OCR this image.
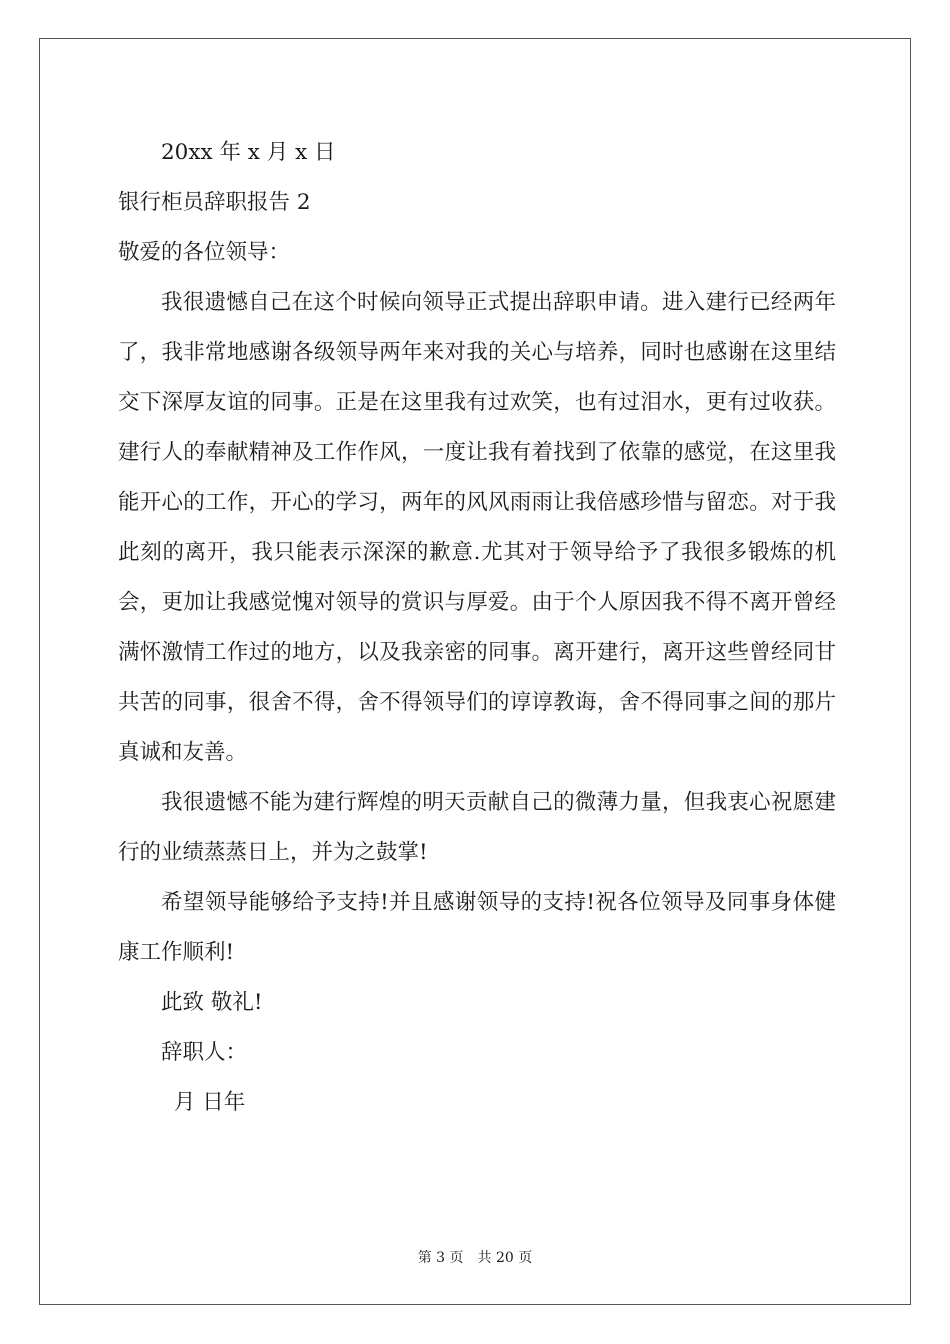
20xx 年 x 月 x 日
银行柜员辞职报告 2
敬爱的各位领导：
我很遗憾自己在这个时候向领导正式提出辞职申请。进入建行已经两年了，我非常地感谢各级领导两年来对我的关心与培养，同时也感谢在这里结交下深厚友谊的同事。正是在这里我有过欢笑，也有过泪水，更有过收获。建行人的奉献精神及工作作风，一度让我有着找到了依靠的感觉，在这里我能开心的工作，开心的学习，两年的风风雨雨让我倍感珍惜与留恋。对于我此刻的离开，我只能表示深深的歉意.尤其对于领导给予了我很多锻炼的机会，更加让我感觉愧对领导的赏识与厚爱。由于个人原因我不得不离开曾经满怀激情工作过的地方，以及我亲密的同事。离开建行，离开这些曾经同甘共苦的同事，很舍不得，舍不得领导们的谆谆教诲，舍不得同事之间的那片真诚和友善。
我很遗憾不能为建行辉煌的明天贡献自己的微薄力量，但我衷心祝愿建行的业绩蒸蒸日上，并为之鼓掌!
希望领导能够给予支持!并且感谢领导的支持!祝各位领导及同事身体健康工作顺利!
此致 敬礼!
辞职人：
月 日年
第 3 页 共 20 页
